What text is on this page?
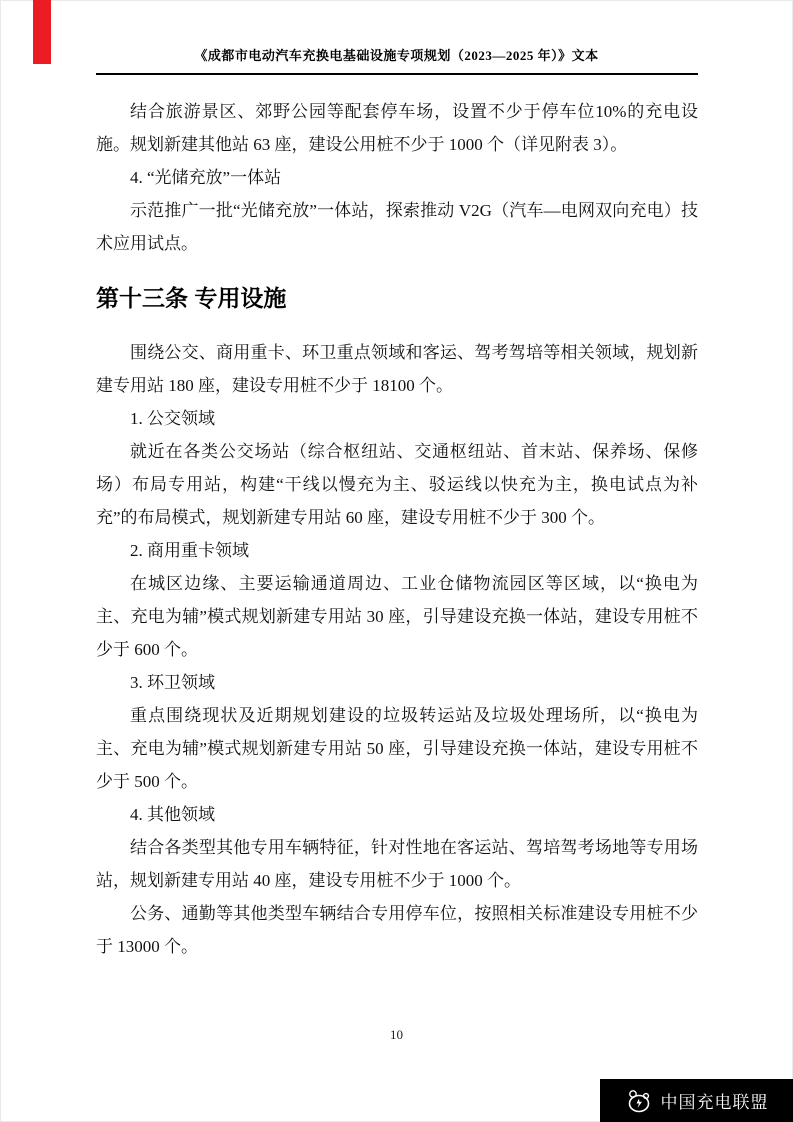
《成都市电动汽车充换电基础设施专项规划（2023—2025 年）》文本

结合旅游景区、郊野公园等配套停车场，设置不少于停车位10%的充电设施。规划新建其他站 63 座，建设公用桩不少于 1000 个（详见附表 3）。

4. “光储充放”一体站

示范推广一批“光储充放”一体站，探索推动 V2G（汽车—电网双向充电）技术应用试点。

第十三条 专用设施

围绕公交、商用重卡、环卫重点领域和客运、驾考驾培等相关领域，规划新建专用站 180 座，建设专用桩不少于 18100 个。

1. 公交领域

就近在各类公交场站（综合枢纽站、交通枢纽站、首末站、保养场、保修场）布局专用站，构建“干线以慢充为主、驳运线以快充为主，换电试点为补充”的布局模式，规划新建专用站 60 座，建设专用桩不少于 300 个。

2. 商用重卡领域

在城区边缘、主要运输通道周边、工业仓储物流园区等区域，以“换电为主、充电为辅”模式规划新建专用站 30 座，引导建设充换一体站，建设专用桩不少于 600 个。

3. 环卫领域

重点围绕现状及近期规划建设的垃圾转运站及垃圾处理场所，以“换电为主、充电为辅”模式规划新建专用站 50 座，引导建设充换一体站，建设专用桩不少于 500 个。

4. 其他领域

结合各类型其他专用车辆特征，针对性地在客运站、驾培驾考场地等专用场站，规划新建专用站 40 座，建设专用桩不少于 1000 个。

公务、通勤等其他类型车辆结合专用停车位，按照相关标准建设专用桩不少于 13000 个。

10
中国充电联盟
